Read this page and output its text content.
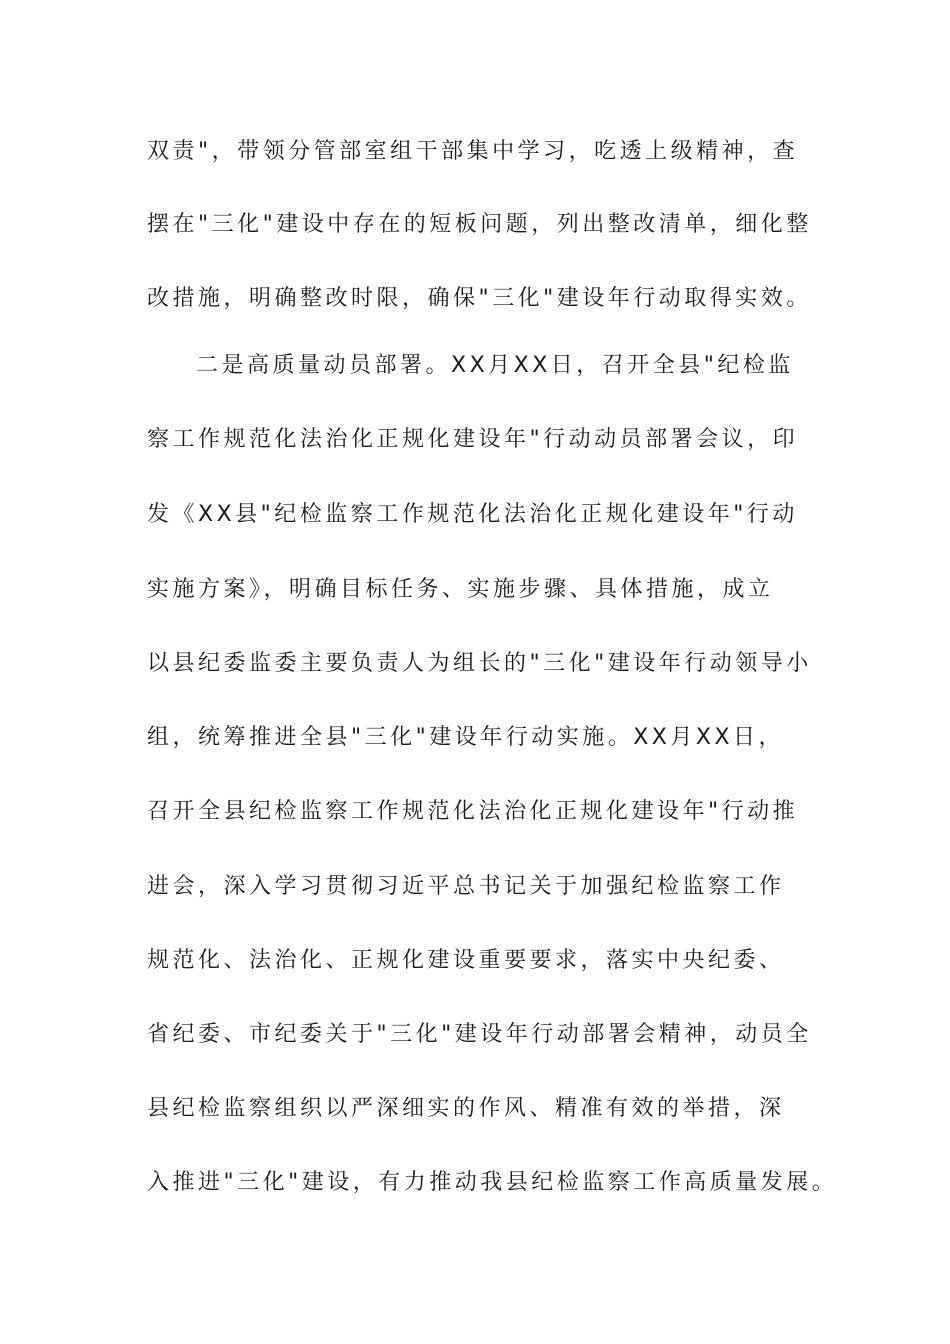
双责"，带领分管部室组干部集中学习，吃透上级精神，查

摆在"三化"建设中存在的短板问题，列出整改清单，细化整

改措施，明确整改时限，确保"三化"建设年行动取得实效。

二是高质量动员部署。XX月XX日，召开全县"纪检监

察工作规范化法治化正规化建设年"行动动员部署会议，印

发《XX县"纪检监察工作规范化法治化正规化建设年"行动

实施方案》，明确目标任务、实施步骤、具体措施，成立

以县纪委监委主要负责人为组长的"三化"建设年行动领导小

组，统筹推进全县"三化"建设年行动实施。XX月XX日，

召开全县纪检监察工作规范化法治化正规化建设年"行动推

进会，深入学习贯彻习近平总书记关于加强纪检监察工作

规范化、法治化、正规化建设重要要求，落实中央纪委、

省纪委、市纪委关于"三化"建设年行动部署会精神，动员全

县纪检监察组织以严深细实的作风、精准有效的举措，深

入推进"三化"建设，有力推动我县纪检监察工作高质量发展。
